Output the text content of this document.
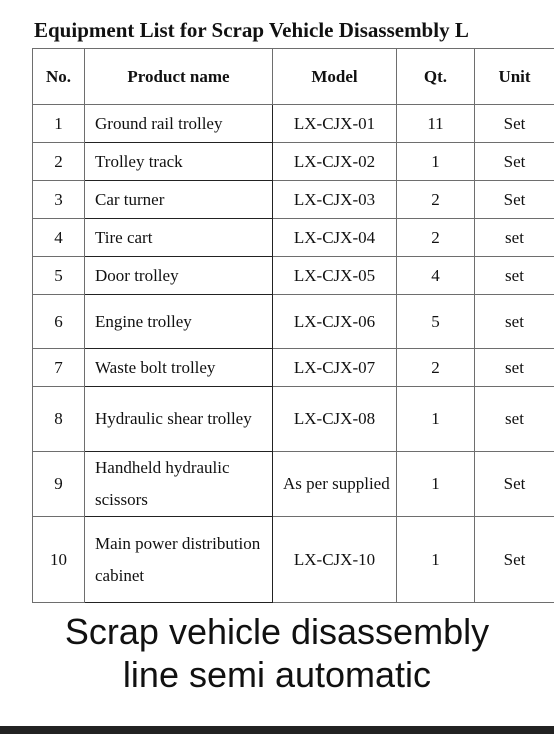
Equipment List for Scrap Vehicle Disassembly L
No.	Product name	Model	Qt.	Unit	
1	Ground rail trolley	LX-CJX-01	11	Set	
2	Trolley track	LX-CJX-02	1	Set	
3	Car turner	LX-CJX-03	2	Set	
4	Tire cart	LX-CJX-04	2	set	
5	Door trolley	LX-CJX-05	4	set	
6	Engine trolley	LX-CJX-06	5	set	
7	Waste bolt trolley	LX-CJX-07	2	set	
8	Hydraulic shear trolley	LX-CJX-08	1	set	
9	Handheld hydraulic scissors	As per supplied	1	Set	
10	Main power distribution cabinet	LX-CJX-10	1	Set	
Scrap vehicle disassembly
line semi automatic
